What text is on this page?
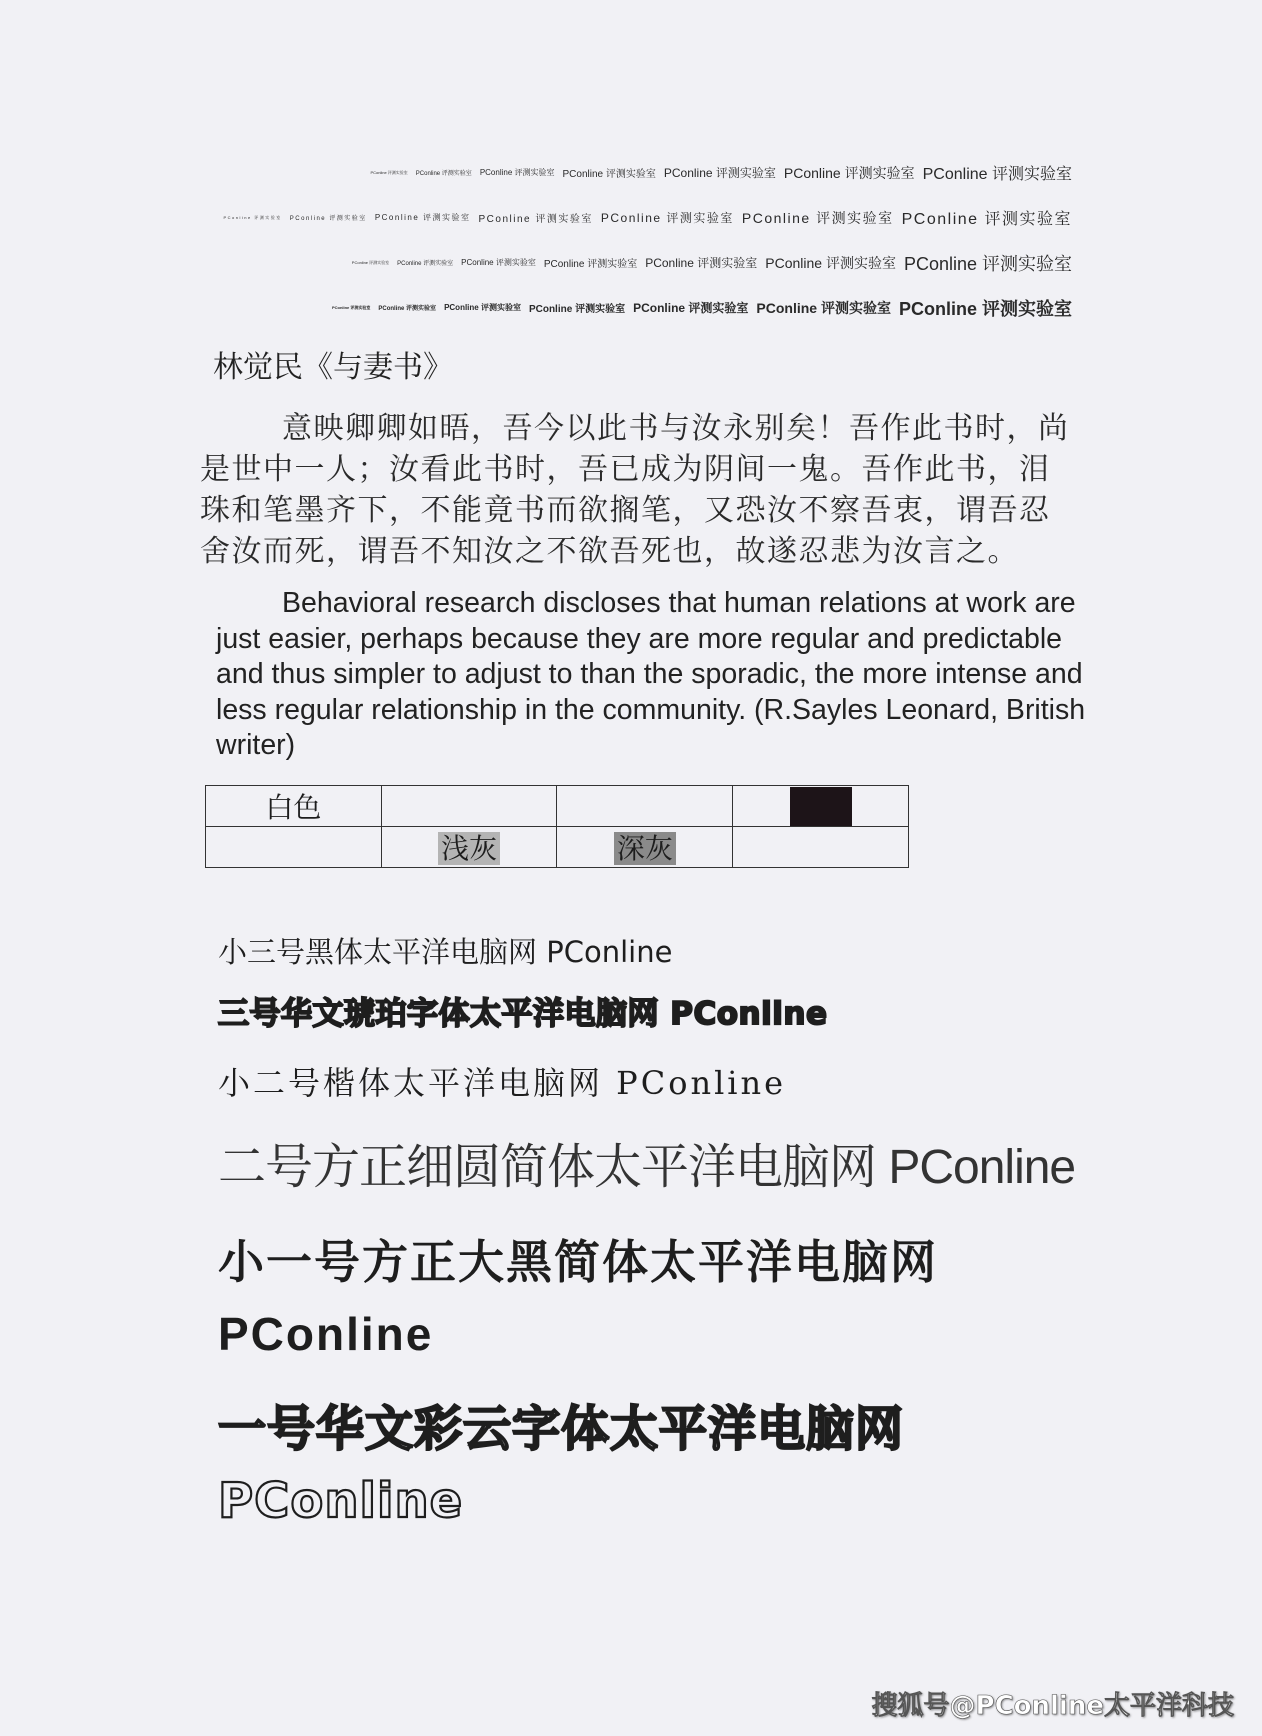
PConline 评测实验室 PConline 评测实验室 PConline 评测实验室 PConline 评测实验室 PConline 评测实验室 PConline 评测实验室 PConline 评测实验室
PConline 评测实验室 PConline 评测实验室 PConline 评测实验室 PConline 评测实验室 PConline 评测实验室 PConline 评测实验室 PConline 评测实验室
PConline 评测实验室 PConline 评测实验室 PConline 评测实验室 PConline 评测实验室 PConline 评测实验室 PConline 评测实验室 PConline 评测实验室
PConline 评测实验室 PConline 评测实验室 PConline 评测实验室 PConline 评测实验室 PConline 评测实验室 PConline 评测实验室 PConline 评测实验室
林觉民《与妻书》
意映卿卿如晤，吾今以此书与汝永别矣！吾作此书时，尚是世中一人；汝看此书时，吾已成为阴间一鬼。吾作此书，泪珠和笔墨齐下，不能竟书而欲搁笔，又恐汝不察吾衷，谓吾忍舍汝而死，谓吾不知汝之不欲吾死也，故遂忍悲为汝言之。
Behavioral research discloses that human relations at work are just easier, perhaps because they are more regular and predictable and thus simpler to adjust to than the sporadic, the more intense and less regular relationship in the community. (R.Sayles Leonard, British writer)
白色			
	浅灰	深灰	
小三号黑体太平洋电脑网 PConline
三号华文琥珀字体太平洋电脑网 PConline
小二号楷体太平洋电脑网 PConline
二号方正细圆简体太平洋电脑网 PConline
小一号方正大黑简体太平洋电脑网 PConline
一号华文彩云字体太平洋电脑网 PConline
搜狐号@PConline太平洋科技
